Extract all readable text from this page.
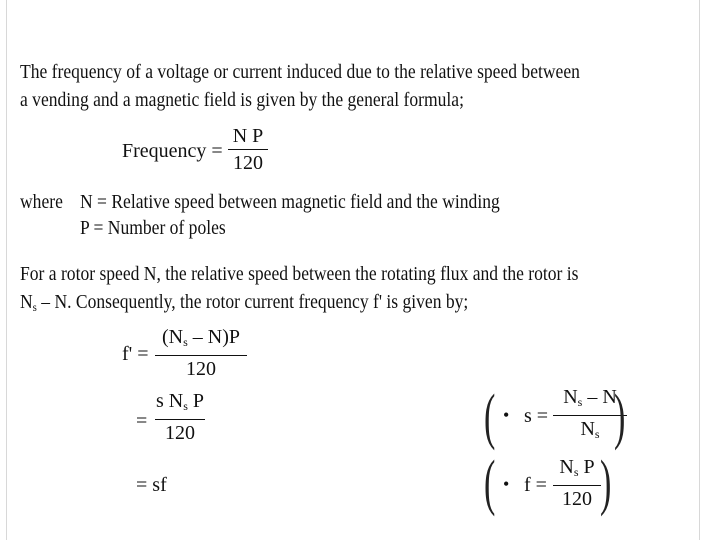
The frequency of a voltage or current induced due to the relative speed between
a vending and a magnetic field is given by the general formula;
Frequency =
N P
120
where N = Relative speed between magnetic field and the winding
P = Number of poles
For a rotor speed N, the relative speed between the rotating flux and the rotor is
$N_s$ – N. Consequently, the rotor current frequency f' is given by;
f' =
$(N_s - N)P$
120
=
s $N_s$ P
120
= sf
( • s =
$N_s$ – N
$N_s$ )
( • f =
$N_s$ P
120 )
